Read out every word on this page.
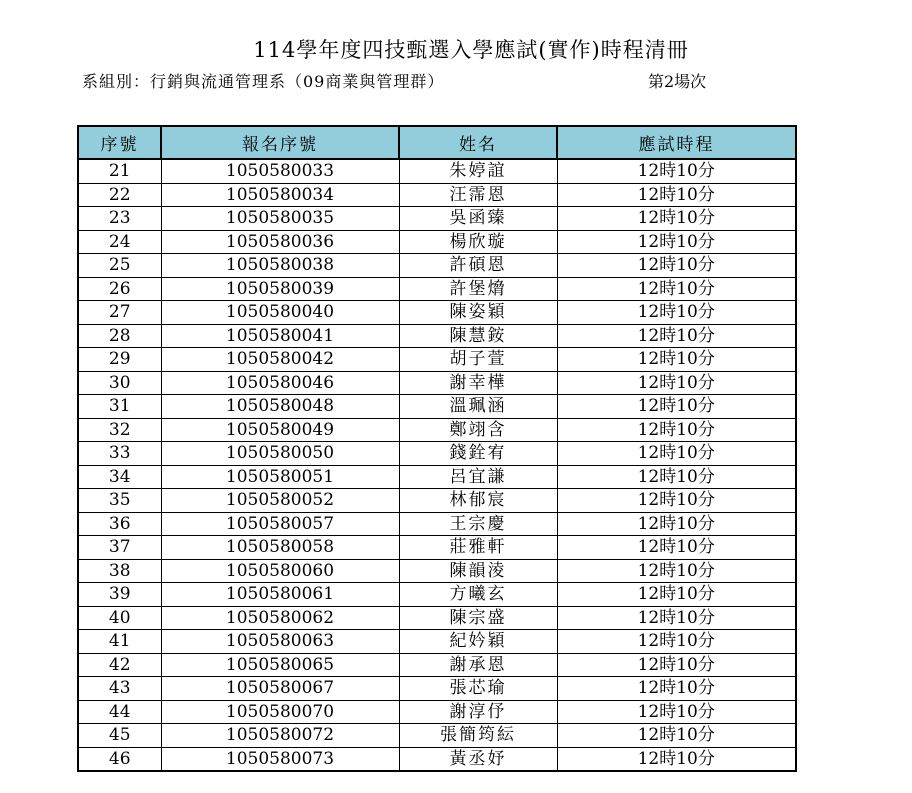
114學年度四技甄選入學應試(實作)時程清冊
系組別：行銷與流通管理系（09商業與管理群）	第2場次
序號	報名序號	姓名	應試時程
21	1050580033	朱婷誼	12時10分
22	1050580034	汪霈恩	12時10分
23	1050580035	吳函臻	12時10分
24	1050580036	楊欣璇	12時10分
25	1050580038	許碩恩	12時10分
26	1050580039	許堡熁	12時10分
27	1050580040	陳姿穎	12時10分
28	1050580041	陳慧銨	12時10分
29	1050580042	胡子萱	12時10分
30	1050580046	謝幸樺	12時10分
31	1050580048	溫珮涵	12時10分
32	1050580049	鄭翊含	12時10分
33	1050580050	錢銓宥	12時10分
34	1050580051	呂宜謙	12時10分
35	1050580052	林郁宸	12時10分
36	1050580057	王宗慶	12時10分
37	1050580058	莊雅軒	12時10分
38	1050580060	陳韻淩	12時10分
39	1050580061	方曦玄	12時10分
40	1050580062	陳宗盛	12時10分
41	1050580063	紀妗穎	12時10分
42	1050580065	謝承恩	12時10分
43	1050580067	張芯瑜	12時10分
44	1050580070	謝淳伃	12時10分
45	1050580072	張簡筠紜	12時10分
46	1050580073	黃丞妤	12時10分
